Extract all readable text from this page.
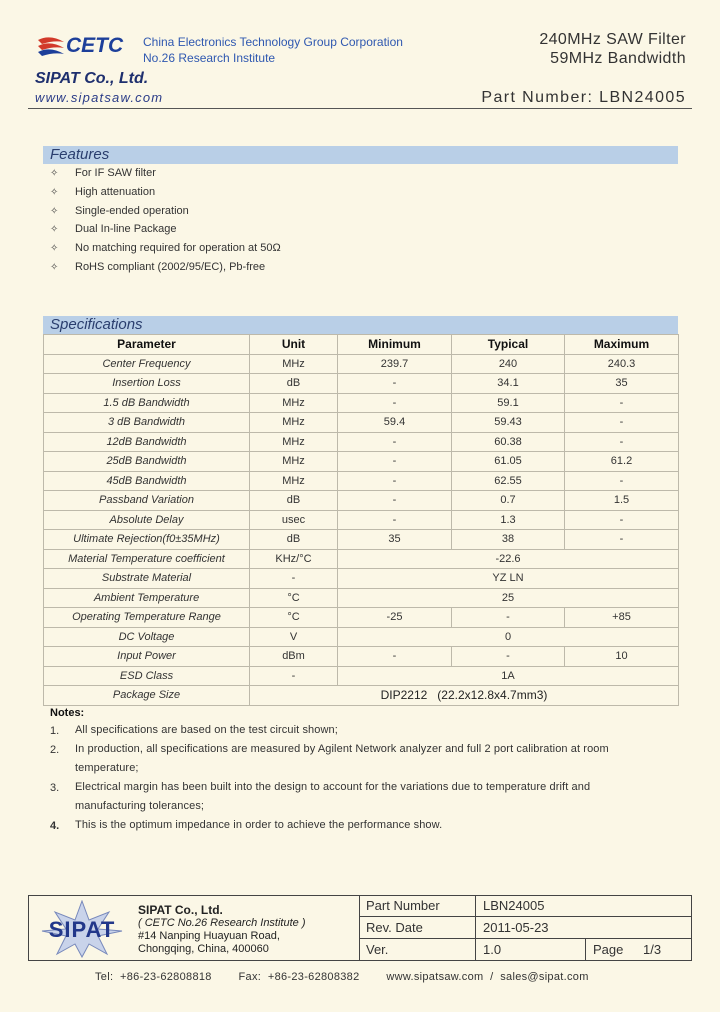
CETC China Electronics Technology Group Corporation
No.26 Research Institute
240MHz SAW Filter
59MHz Bandwidth
SIPAT Co., Ltd.
www.sipatsaw.com	Part Number: LBN24005
Features
✧ For IF SAW filter
✧ High attenuation
✧ Single-ended operation
✧ Dual In-line Package
✧ No matching required for operation at 50Ω
✧ RoHS compliant (2002/95/EC), Pb-free
Specifications
Parameter	Unit	Minimum	Typical	Maximum
Center Frequency	MHz	239.7	240	240.3
Insertion Loss	dB	-	34.1	35
1.5 dB Bandwidth	MHz	-	59.1	-
3 dB Bandwidth	MHz	59.4	59.43	-
12dB Bandwidth	MHz	-	60.38	-
25dB Bandwidth	MHz	-	61.05	61.2
45dB Bandwidth	MHz	-	62.55	-
Passband Variation	dB	-	0.7	1.5
Absolute Delay	usec	-	1.3	-
Ultimate Rejection(f0±35MHz)	dB	35	38	-
Material Temperature coefficient	KHz/°C	-22.6		
Substrate Material	-	YZ LN		
Ambient Temperature	°C	25		
Operating Temperature Range	°C	-25	-	+85
DC Voltage	V	0		
Input Power	dBm	-	-	10
ESD Class	-	1A		
Package Size	DIP2212   (22.2x12.8x4.7mm3)			
Notes:
1. All specifications are based on the test circuit shown;
2. In production, all specifications are measured by Agilent Network analyzer and full 2 port calibration at room temperature;
3. Electrical margin has been built into the design to account for the variations due to temperature drift and manufacturing tolerances;
4. This is the optimum impedance in order to achieve the performance show.
SIPAT
SIPAT Co., Ltd.
( CETC No.26 Research Institute )
#14 Nanping Huayuan Road,
Chongqing, China, 400060
Part Number	LBN24005
Rev. Date	2011-05-23
Ver.	1.0	Page	1/3
Tel:  +86-23-62808818        Fax:  +86-23-62808382        www.sipatsaw.com  /  sales@sipat.com
